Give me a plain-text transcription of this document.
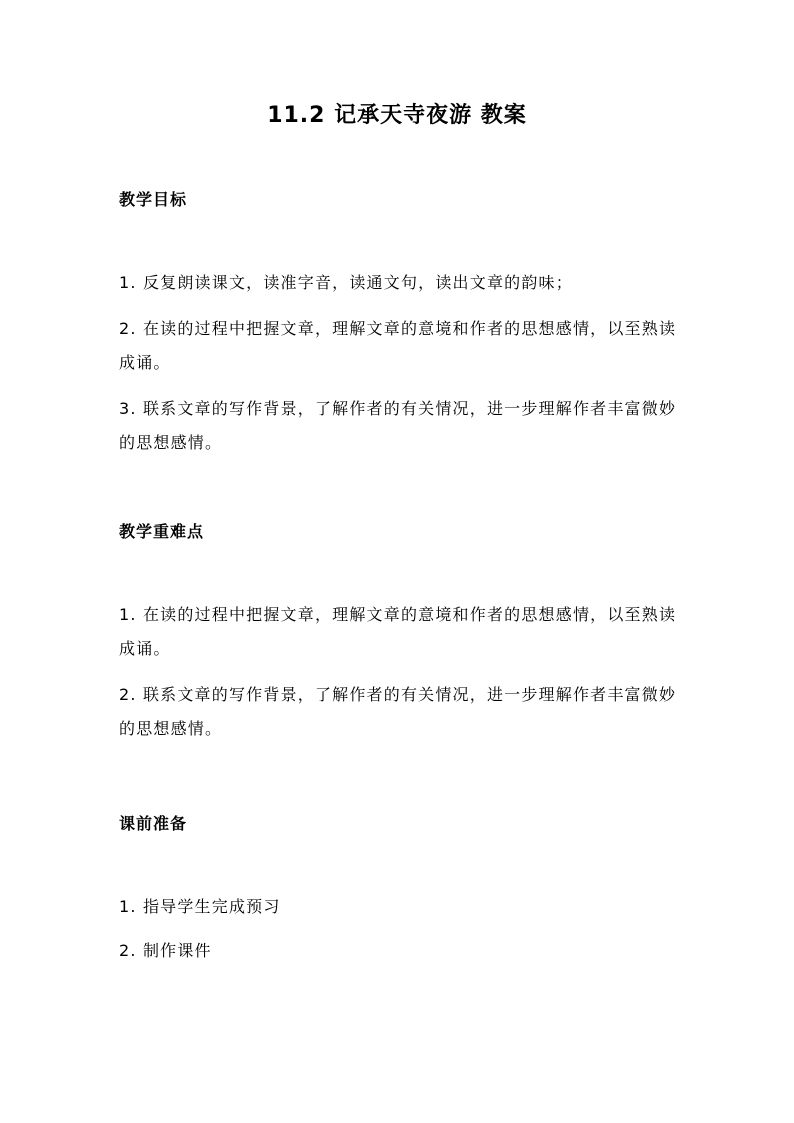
11.2 记承天寺夜游 教案
教学目标
1. 反复朗读课文，读准字音，读通文句，读出文章的韵味；
2. 在读的过程中把握文章，理解文章的意境和作者的思想感情，以至熟读成诵。
3. 联系文章的写作背景，了解作者的有关情况，进一步理解作者丰富微妙的思想感情。
教学重难点
1. 在读的过程中把握文章，理解文章的意境和作者的思想感情，以至熟读成诵。
2. 联系文章的写作背景，了解作者的有关情况，进一步理解作者丰富微妙的思想感情。
课前准备
1. 指导学生完成预习
2. 制作课件
